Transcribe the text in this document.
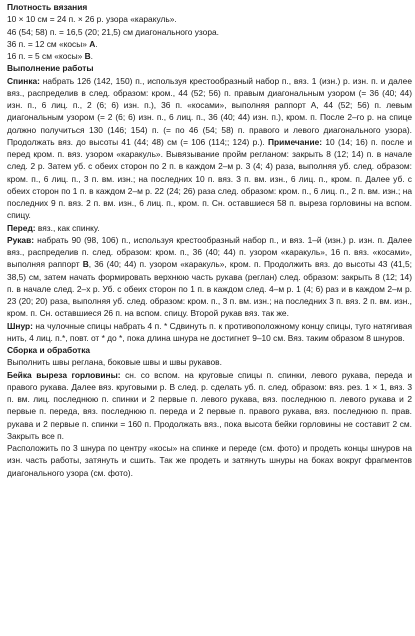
Плотность вязания

10 × 10 см = 24 п. × 26 р. узора «каракуль».

46 (54; 58) п. = 16,5 (20; 21,5) см диагонального узора.

36 п. = 12 см «косы» A.

16 п. = 5 см «косы» B.

Выполнение работы

Спинка: набрать 126 (142, 150) п., используя крестообразный набор п., вяз. 1 (изн.) р. изн. п. и далее вяз., распределив в след. образом: кром., 44 (52; 56) п. правым диагональным узором (= 36 (40; 44) изн. п., 6 лиц. п., 2 (6; 6) изн. п.), 36 п. «косами», выполняя раппорт A, 44 (52; 56) п. левым диагональным узором (= 2 (6; 6) изн. п., 6 лиц. п., 36 (40; 44) изн. п.), кром. п. После 2–го р. на спице должно получиться 130 (146; 154) п. (= по 46 (54; 58) п. правого и левого диагонального узора). Продолжать вяз. до высоты 41 (44; 48) см (= 106 (114;; 124) р.). Примечание: 10 (14; 16) п. после и перед кром. п. вяз. узором «каракуль». Вывязывание пройм регланом: закрыть 8 (12; 14) п. в начале след. 2 р. Затем уб. с обеих сторон по 2 п. в каждом 2–м р. 3 (4; 4) раза, выполняя уб. след. образом: кром. п., 6 лиц. п., 3 п. вм. изн.; на последних 10 п. вяз. 3 п. вм. изн., 6 лиц. п., кром. п. Далее уб. с обеих сторон по 1 п. в каждом 2–м р. 22 (24; 26) раза след. образом: кром. п., 6 лиц. п., 2 п. вм. изн.; на последних 9 п. вяз. 2 п. вм. изн., 6 лиц. п., кром. п. Сн. оставшиеся 58 п. выреза горловины на вспом. спицу.

Перед: вяз., как спинку.

Рукав: набрать 90 (98, 106) п., используя крестообразный набор п., и вяз. 1–й (изн.) р. изн. п. Далее вяз., распределив п. след. образом: кром. п., 36 (40; 44) п. узором «каракуль», 16 п. вяз. «косами», выполняя раппорт B, 36 (40; 44) п. узором «каракуль», кром. п. Продолжить вяз. до высоты 43 (41,5; 38,5) см, затем начать формировать верхнюю часть рукава (реглан) след. образом: закрыть 8 (12; 14) п. в начале след. 2–х р. Уб. с обеих сторон по 1 п. в каждом след. 4–м р. 1 (4; 6) раз и в каждом 2–м р. 23 (20; 20) раза, выполняя уб. след. образом: кром. п., 3 п. вм. изн.; на последних 3 п. вяз. 2 п. вм. изн., кром. п. Сн. оставшиеся 26 п. на вспом. спицу. Второй рукав вяз. так же.

Шнур: на чулочные спицы набрать 4 п. * Сдвинуть п. к противоположному концу спицы, туго натягивая нить, 4 лиц. п.*, повт. от * до *, пока длина шнура не достигнет 9–10 см. Вяз. таким образом 8 шнуров.

Сборка и обработка

Выполнить швы реглана, боковые швы и швы рукавов.

Бейка выреза горловины: сн. со вспом. на круговые спицы п. спинки, левого рукава, переда и правого рукава. Далее вяз. круговыми р. В след. р. сделать уб. п. след. образом: вяз. рез. 1 × 1, вяз. 3 п. вм. лиц. последнюю п. спинки и 2 первые п. левого рукава, вяз. последнюю п. левого рукава и 2 первые п. переда, вяз. последнюю п. переда и 2 первые п. правого рукава, вяз. последнюю п. прав. рукава и 2 первые п. спинки = 160 п. Продолжать вяз., пока высота бейки горловины не составит 2 см. Закрыть все п.

Расположить по 3 шнура по центру «косы» на спинке и переде (см. фото) и продеть концы шнуров на изн. часть работы, затянуть и сшить. Так же продеть и затянуть шнуры на боках вокруг фрагментов диагонального узора (см. фото).
